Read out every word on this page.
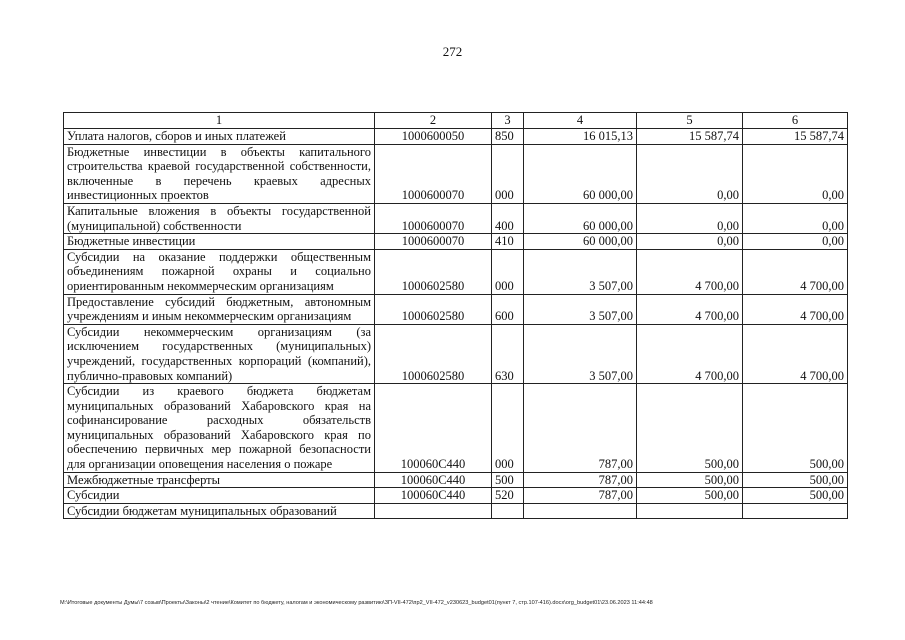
272
1	2	3	4	5	6
Уплата налогов, сборов и иных платежей	1000600050	850	16 015,13	15 587,74	15 587,74
Бюджетные инвестиции в объекты капитального строительства краевой государственной собственности, включенные в перечень краевых адресных инвестиционных проектов	1000600070	000	60 000,00	0,00	0,00
Капитальные вложения в объекты государственной (муниципальной) собственности	1000600070	400	60 000,00	0,00	0,00
Бюджетные инвестиции	1000600070	410	60 000,00	0,00	0,00
Субсидии на оказание поддержки общественным объединениям пожарной охраны и социально ориентированным некоммерческим организациям	1000602580	000	3 507,00	4 700,00	4 700,00
Предоставление субсидий бюджетным, автономным учреждениям и иным некоммерческим организациям	1000602580	600	3 507,00	4 700,00	4 700,00
Субсидии некоммерческим организациям (за исключением государственных (муниципальных) учреждений, государственных корпораций (компаний), публично-правовых компаний)	1000602580	630	3 507,00	4 700,00	4 700,00
Субсидии из краевого бюджета бюджетам муниципальных образований Хабаровского края на софинансирование расходных обязательств муниципальных образований Хабаровского края по обеспечению первичных мер пожарной безопасности для организации оповещения населения о пожаре	100060С440	000	787,00	500,00	500,00
Межбюджетные трансферты	100060С440	500	787,00	500,00	500,00
Субсидии	100060С440	520	787,00	500,00	500,00
Субсидии бюджетам муниципальных образований					
M:\Итоговые документы Думы\7 созыв\Проекты\Законы\2 чтение\Комитет по бюджету, налогам и экономическому развитию\ЗП-VII-472\пр2_VII-472_v230623_budget01(пункт 7, стр.107-416).docx\org_budget01\23.06.2023 11:44:48
